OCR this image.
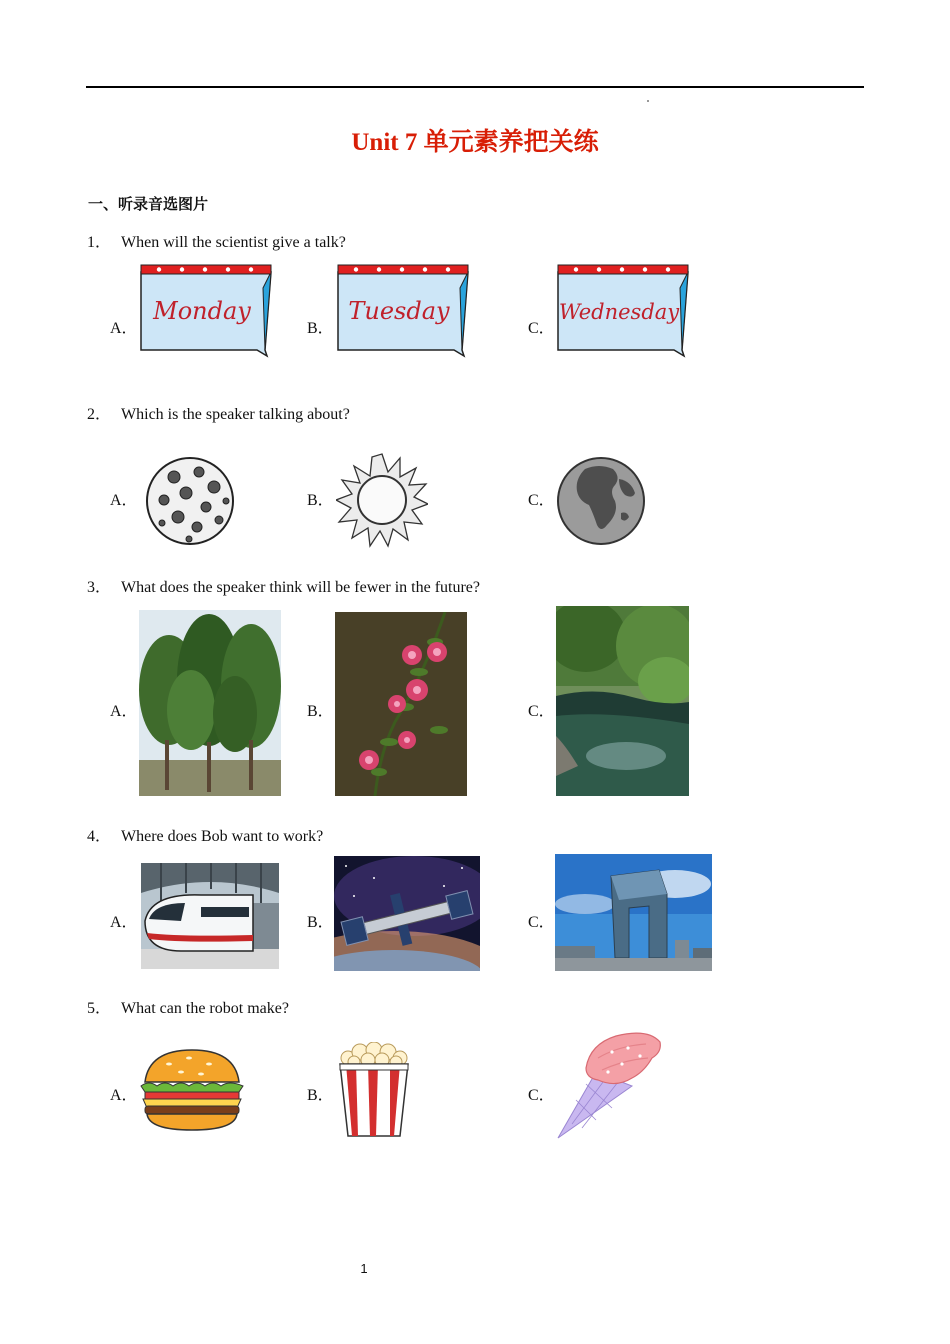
Unit 7 单元素养把关练
一、听录音选图片
1． When will the scientist give a talk?
A．	B．	C．
Monday	Tuesday	Wednesday
2． Which is the speaker talking about?
A．	B．	C．
3． What does the speaker think will be fewer in the future?
A．	B．	C．
4． Where does Bob want to work?
A．	B．	C．
5． What can the robot make?
A．	B．	C．
1
